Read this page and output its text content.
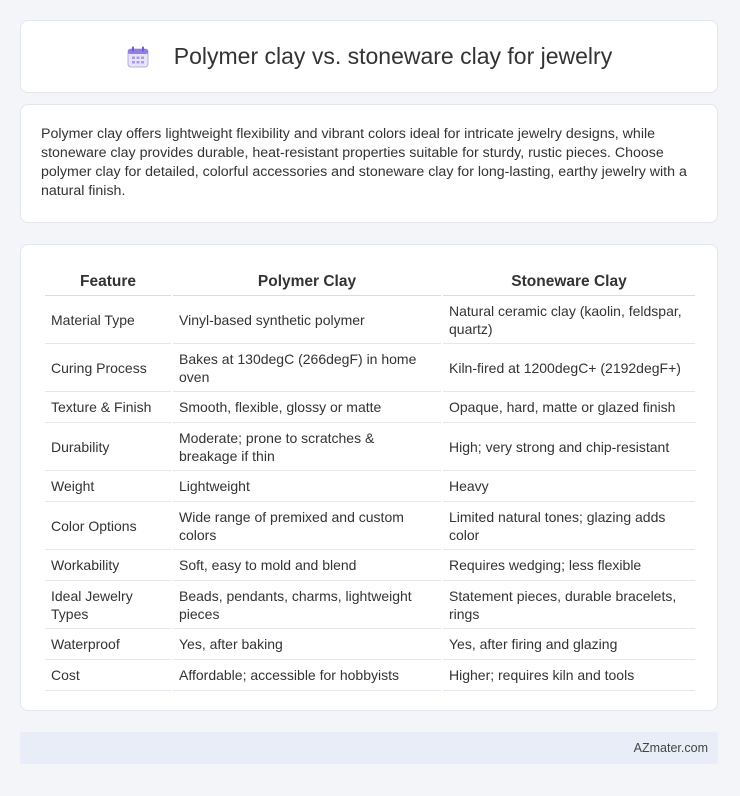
Polymer clay vs. stoneware clay for jewelry
Polymer clay offers lightweight flexibility and vibrant colors ideal for intricate jewelry designs, while stoneware clay provides durable, heat-resistant properties suitable for sturdy, rustic pieces. Choose polymer clay for detailed, colorful accessories and stoneware clay for long-lasting, earthy jewelry with a natural finish.
Feature	Polymer Clay	Stoneware Clay
Material Type	Vinyl-based synthetic polymer	Natural ceramic clay (kaolin, feldspar, quartz)
Curing Process	Bakes at 130degC (266degF) in home oven	Kiln-fired at 1200degC+ (2192degF+)
Texture & Finish	Smooth, flexible, glossy or matte	Opaque, hard, matte or glazed finish
Durability	Moderate; prone to scratches & breakage if thin	High; very strong and chip-resistant
Weight	Lightweight	Heavy
Color Options	Wide range of premixed and custom colors	Limited natural tones; glazing adds color
Workability	Soft, easy to mold and blend	Requires wedging; less flexible
Ideal Jewelry Types	Beads, pendants, charms, lightweight pieces	Statement pieces, durable bracelets, rings
Waterproof	Yes, after baking	Yes, after firing and glazing
Cost	Affordable; accessible for hobbyists	Higher; requires kiln and tools
AZmater.com
